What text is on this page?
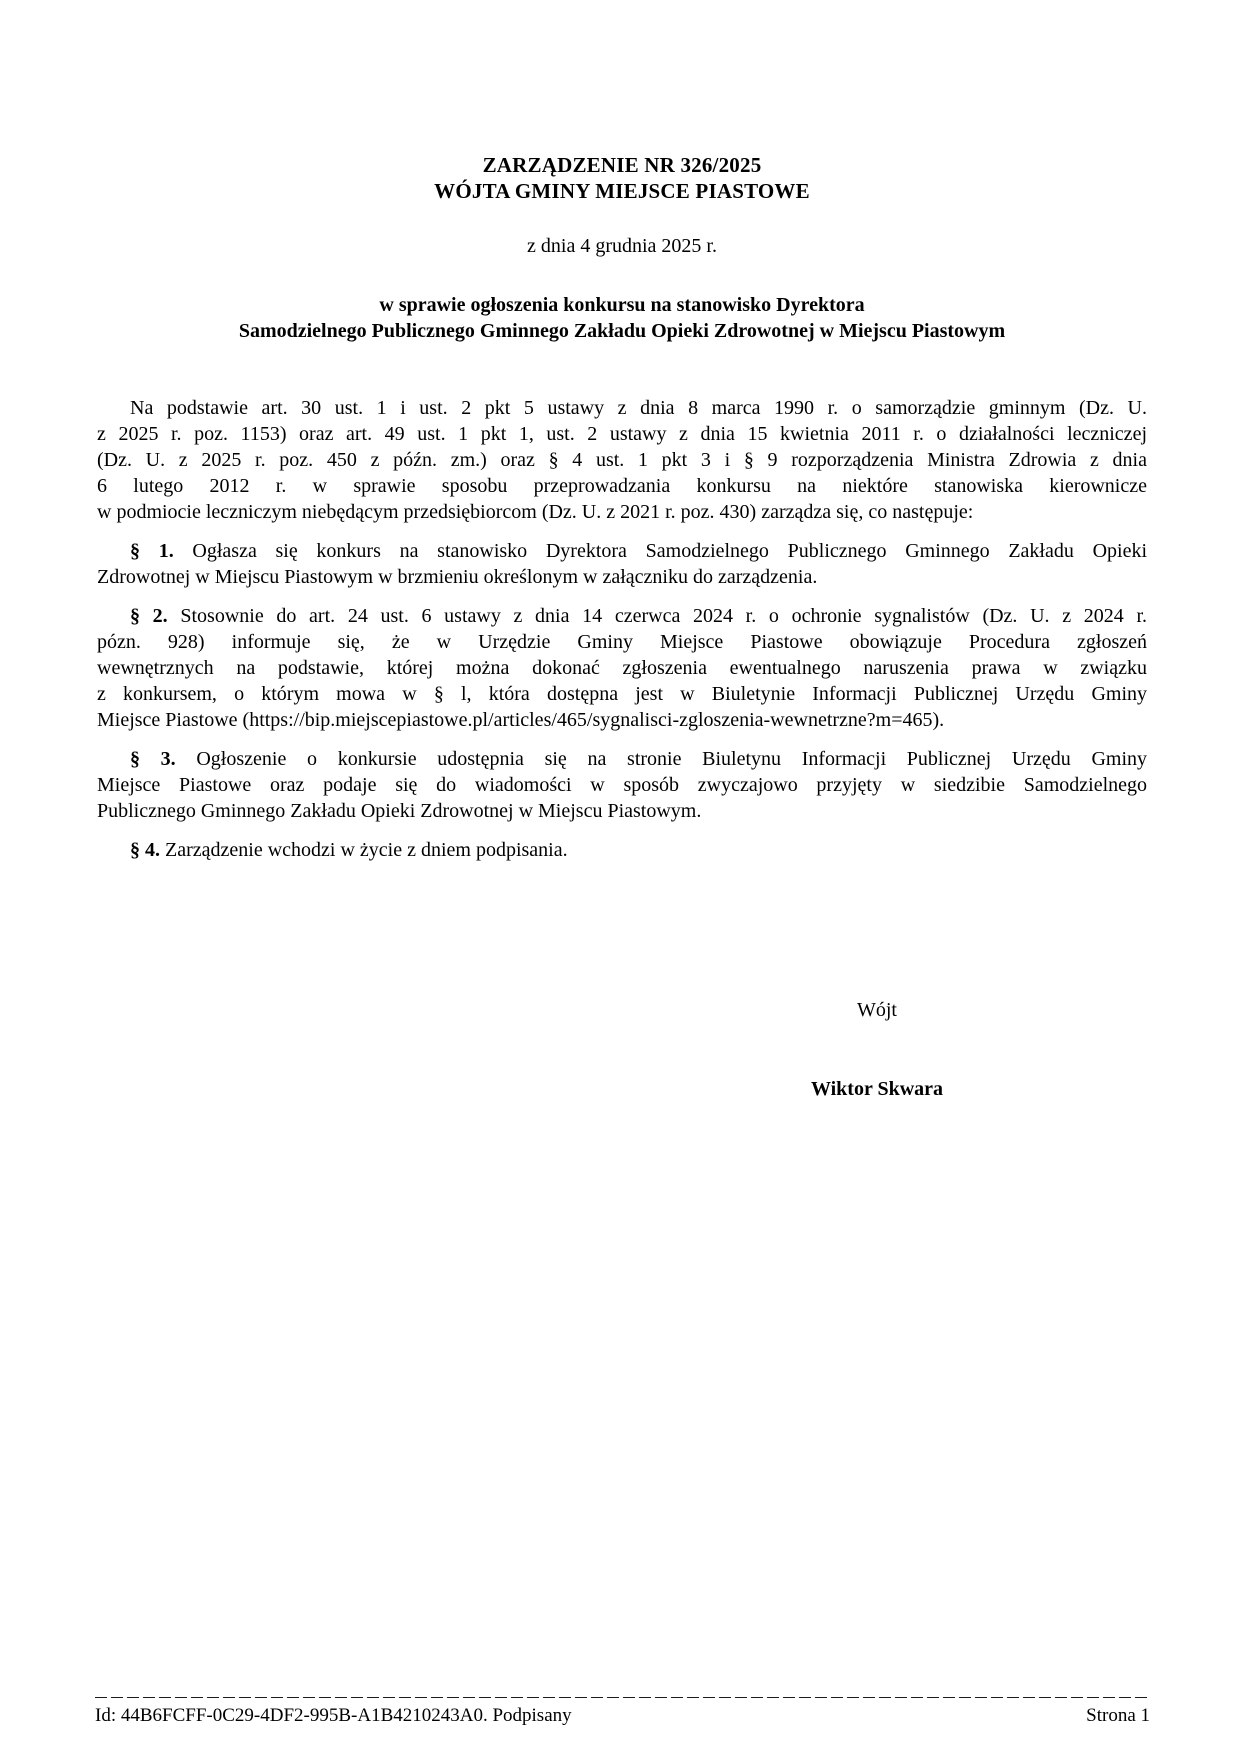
ZARZĄDZENIE NR 326/2025
WÓJTA GMINY MIEJSCE PIASTOWE
z dnia 4 grudnia 2025 r.
w sprawie ogłoszenia konkursu na stanowisko Dyrektora
Samodzielnego Publicznego Gminnego Zakładu Opieki Zdrowotnej w Miejscu Piastowym
Na podstawie art. 30 ust. 1 i ust. 2 pkt 5 ustawy z dnia 8 marca 1990 r. o samorządzie gminnym (Dz. U.
z 2025 r. poz. 1153) oraz art. 49 ust. 1 pkt 1, ust. 2 ustawy z dnia 15 kwietnia 2011 r. o działalności leczniczej
(Dz. U. z 2025 r. poz. 450 z późn. zm.) oraz § 4 ust. 1 pkt 3 i § 9 rozporządzenia Ministra Zdrowia z dnia
6 lutego 2012 r. w sprawie sposobu przeprowadzania konkursu na niektóre stanowiska kierownicze
w podmiocie leczniczym niebędącym przedsiębiorcom (Dz. U. z 2021 r. poz. 430) zarządza się, co następuje:
§ 1. Ogłasza się konkurs na stanowisko Dyrektora Samodzielnego Publicznego Gminnego Zakładu Opieki
Zdrowotnej w Miejscu Piastowym w brzmieniu określonym w załączniku do zarządzenia.
§ 2. Stosownie do art. 24 ust. 6 ustawy z dnia 14 czerwca 2024 r. o ochronie sygnalistów (Dz. U. z 2024 r.
pózn. 928) informuje się, że w Urzędzie Gminy Miejsce Piastowe obowiązuje Procedura zgłoszeń
wewnętrznych na podstawie, której można dokonać zgłoszenia ewentualnego naruszenia prawa w związku
z konkursem, o którym mowa w § l, która dostępna jest w Biuletynie Informacji Publicznej Urzędu Gminy
Miejsce Piastowe (https://bip.miejscepiastowe.pl/articles/465/sygnalisci-zgloszenia-wewnetrzne?m=465).
§ 3. Ogłoszenie o konkursie udostępnia się na stronie Biuletynu Informacji Publicznej Urzędu Gminy
Miejsce Piastowe oraz podaje się do wiadomości w sposób zwyczajowo przyjęty w siedzibie Samodzielnego
Publicznego Gminnego Zakładu Opieki Zdrowotnej w Miejscu Piastowym.
§ 4. Zarządzenie wchodzi w życie z dniem podpisania.
Wójt
Wiktor Skwara
Id: 44B6FCFF-0C29-4DF2-995B-A1B4210243A0. Podpisany	Strona 1
